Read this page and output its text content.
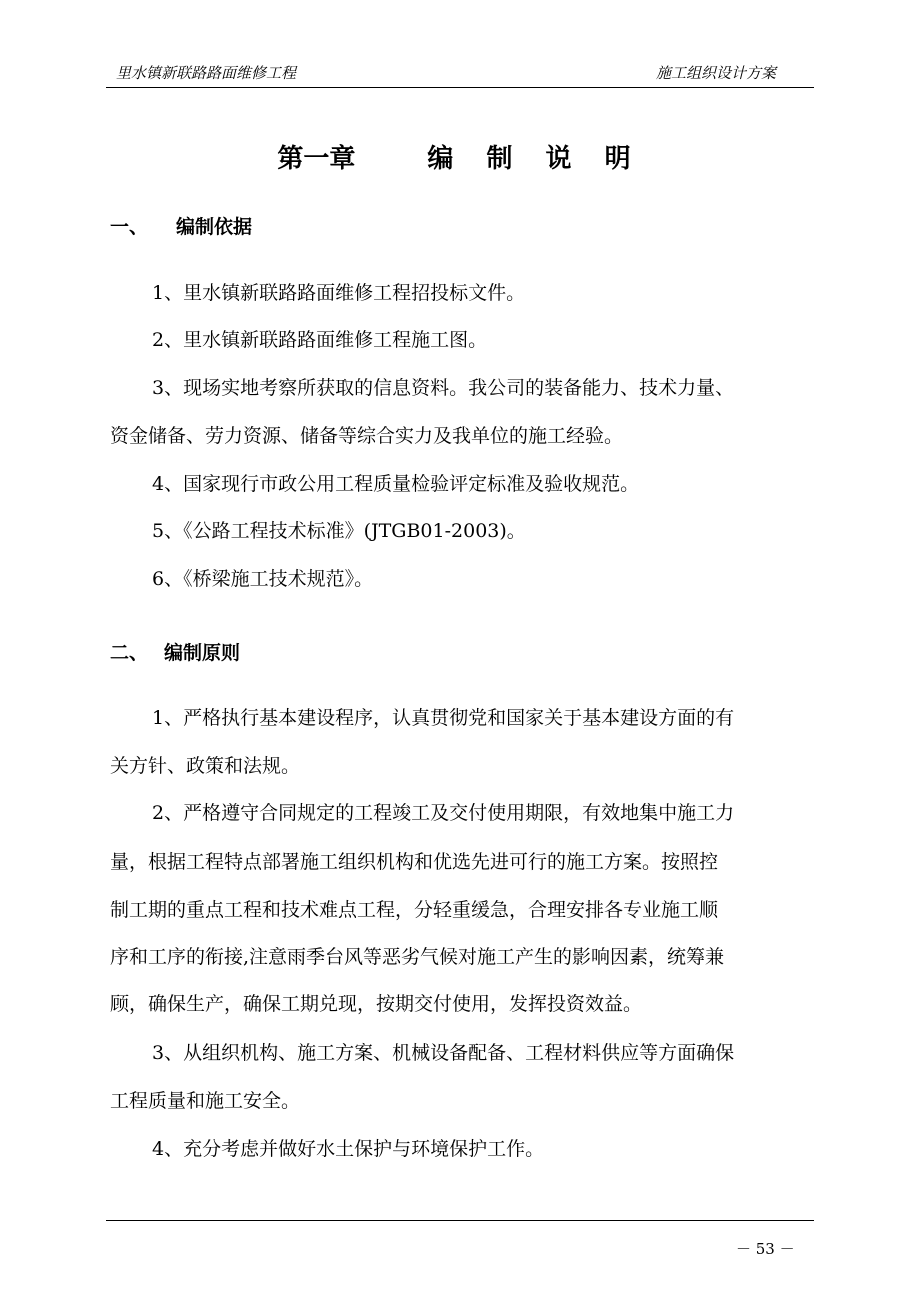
里水镇新联路路面维修工程	施工组织设计方案
第一章	编 制 说 明
一、 编制依据
1、里水镇新联路路面维修工程招投标文件。
2、里水镇新联路路面维修工程施工图。
3、现场实地考察所获取的信息资料。我公司的装备能力、技术力量、
资金储备、劳力资源、储备等综合实力及我单位的施工经验。
4、国家现行市政公用工程质量检验评定标准及验收规范。
5、《公路工程技术标准》(JTGB01-2003)。
6、《桥梁施工技术规范》。
二、 编制原则
1、严格执行基本建设程序，认真贯彻党和国家关于基本建设方面的有
关方针、政策和法规。
2、严格遵守合同规定的工程竣工及交付使用期限，有效地集中施工力
量，根据工程特点部署施工组织机构和优选先进可行的施工方案。按照控
制工期的重点工程和技术难点工程，分轻重缓急，合理安排各专业施工顺
序和工序的衔接,注意雨季台风等恶劣气候对施工产生的影响因素，统筹兼
顾，确保生产，确保工期兑现，按期交付使用，发挥投资效益。
3、从组织机构、施工方案、机械设备配备、工程材料供应等方面确保
工程质量和施工安全。
4、充分考虑并做好水土保护与环境保护工作。
－ 53 －
